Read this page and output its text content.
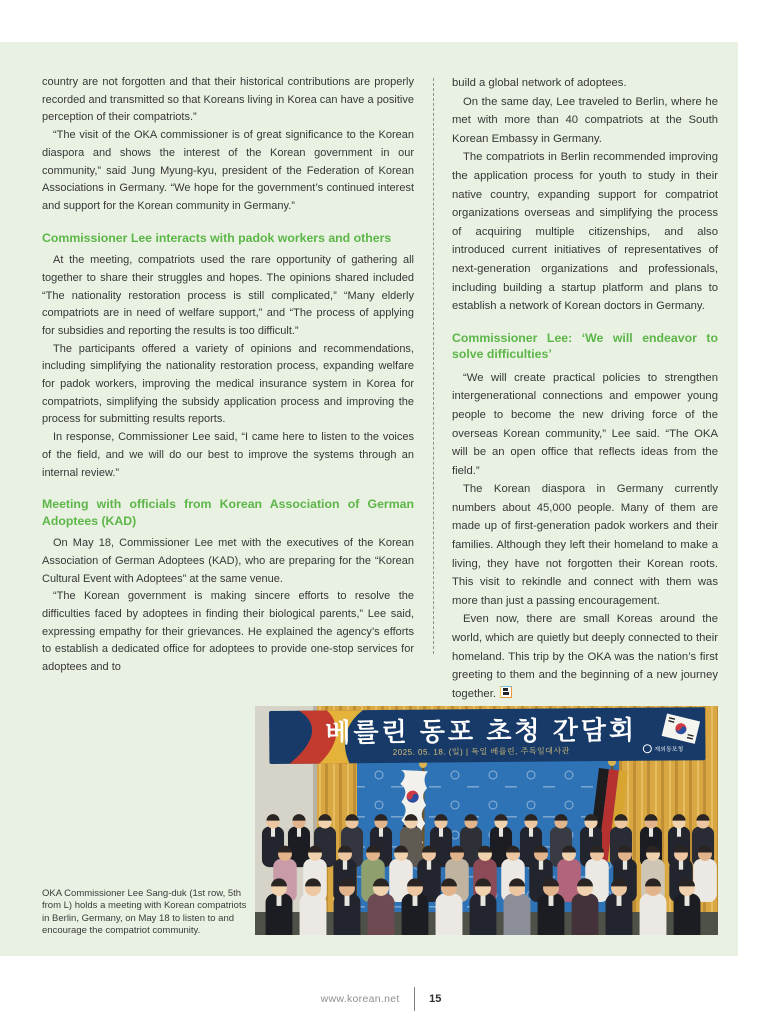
country are not forgotten and that their historical contributions are properly recorded and transmitted so that Koreans living in Korea can have a positive perception of their compatriots.”

“The visit of the OKA commissioner is of great significance to the Korean diaspora and shows the interest of the Korean government in our community,” said Jung Myung-kyu, president of the Federation of Korean Associations in Germany. “We hope for the government’s continued interest and support for the Korean community in Germany.”

Commissioner Lee interacts with padok workers and others

At the meeting, compatriots used the rare opportunity of gathering all together to share their struggles and hopes. The opinions shared included “The nationality restoration process is still complicated,” “Many elderly compatriots are in need of welfare support,” and “The process of applying for subsidies and reporting the results is too difficult.”

The participants offered a variety of opinions and recommendations, including simplifying the nationality restoration process, expanding welfare for padok workers, improving the medical insurance system in Korea for compatriots, simplifying the subsidy application process and improving the process for submitting results reports.

In response, Commissioner Lee said, “I came here to listen to the voices of the field, and we will do our best to improve the systems through an internal review.”

Meeting with officials from Korean Association of German Adoptees (KAD)

On May 18, Commissioner Lee met with the executives of the Korean Association of German Adoptees (KAD), who are preparing for the “Korean Cultural Event with Adoptees” at the same venue.

“The Korean government is making sincere efforts to resolve the difficulties faced by adoptees in finding their biological parents,” Lee said, expressing empathy for their grievances. He explained the agency’s efforts to establish a dedicated office for adoptees to provide one-stop services for adoptees and to

build a global network of adoptees.

On the same day, Lee traveled to Berlin, where he met with more than 40 compatriots at the South Korean Embassy in Germany.

The compatriots in Berlin recommended improving the application process for youth to study in their native country, expanding support for compatriot organizations overseas and simplifying the process of acquiring multiple citizenships, and also introduced current initiatives of representatives of next-generation organizations and professionals, including building a startup platform and plans to establish a network of Korean doctors in Germany.

Commissioner Lee: ‘We will endeavor to solve difficulties’

“We will create practical policies to strengthen intergenerational connections and empower young people to become the new driving force of the overseas Korean community,” Lee said. “The OKA will be an open office that reflects ideas from the field.”

The Korean diaspora in Germany currently numbers about 45,000 people. Many of them are made up of first-generation padok workers and their families. Although they left their homeland to make a living, they have not forgotten their Korean roots. This visit to rekindle and connect with them was more than just a passing encouragement.

Even now, there are small Koreas around the world, which are quietly but deeply connected to their homeland. This trip by the OKA was the nation’s first greeting to them and the beginning of a new journey together.

베를린 동포 초청 간담회
2025. 05. 18. (일) | 독일 베를린, 주독일대사관	재외동포청
OKA Commissioner Lee Sang-duk (1st row, 5th from L) holds a meeting with Korean compatriots in Berlin, Germany, on May 18 to listen to and encourage the compatriot community.
www.korean.net	15
